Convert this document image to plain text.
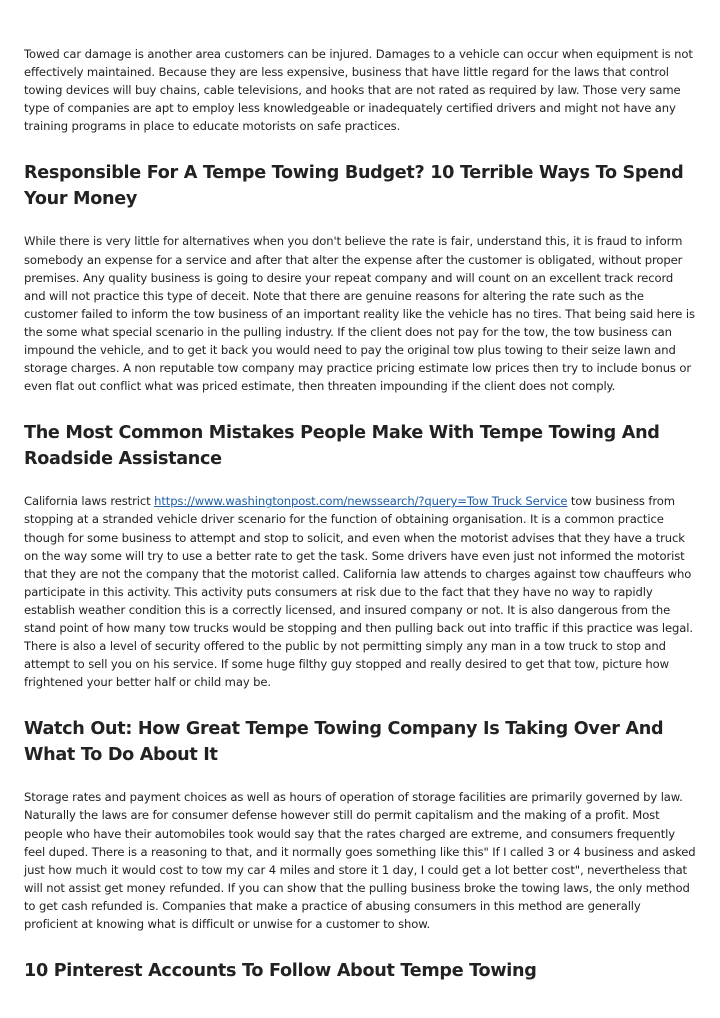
Towed car damage is another area customers can be injured. Damages to a vehicle can occur when equipment is not effectively maintained. Because they are less expensive, business that have little regard for the laws that control towing devices will buy chains, cable televisions, and hooks that are not rated as required by law. Those very same type of companies are apt to employ less knowledgeable or inadequately certified drivers and might not have any training programs in place to educate motorists on safe practices.

Responsible For A Tempe Towing Budget? 10 Terrible Ways To Spend Your Money

While there is very little for alternatives when you don't believe the rate is fair, understand this, it is fraud to inform somebody an expense for a service and after that alter the expense after the customer is obligated, without proper premises. Any quality business is going to desire your repeat company and will count on an excellent track record and will not practice this type of deceit. Note that there are genuine reasons for altering the rate such as the customer failed to inform the tow business of an important reality like the vehicle has no tires. That being said here is the some what special scenario in the pulling industry. If the client does not pay for the tow, the tow business can impound the vehicle, and to get it back you would need to pay the original tow plus towing to their seize lawn and storage charges. A non reputable tow company may practice pricing estimate low prices then try to include bonus or even flat out conflict what was priced estimate, then threaten impounding if the client does not comply.

The Most Common Mistakes People Make With Tempe Towing And Roadside Assistance

California laws restrict https://www.washingtonpost.com/newssearch/?query=Tow Truck Service tow business from stopping at a stranded vehicle driver scenario for the function of obtaining organisation. It is a common practice though for some business to attempt and stop to solicit, and even when the motorist advises that they have a truck on the way some will try to use a better rate to get the task. Some drivers have even just not informed the motorist that they are not the company that the motorist called. California law attends to charges against tow chauffeurs who participate in this activity. This activity puts consumers at risk due to the fact that they have no way to rapidly establish weather condition this is a correctly licensed, and insured company or not. It is also dangerous from the stand point of how many tow trucks would be stopping and then pulling back out into traffic if this practice was legal. There is also a level of security offered to the public by not permitting simply any man in a tow truck to stop and attempt to sell you on his service. If some huge filthy guy stopped and really desired to get that tow, picture how frightened your better half or child may be.

Watch Out: How Great Tempe Towing Company Is Taking Over And What To Do About It

Storage rates and payment choices as well as hours of operation of storage facilities are primarily governed by law. Naturally the laws are for consumer defense however still do permit capitalism and the making of a profit. Most people who have their automobiles took would say that the rates charged are extreme, and consumers frequently feel duped. There is a reasoning to that, and it normally goes something like this" If I called 3 or 4 business and asked just how much it would cost to tow my car 4 miles and store it 1 day, I could get a lot better cost", nevertheless that will not assist get money refunded. If you can show that the pulling business broke the towing laws, the only method to get cash refunded is. Companies that make a practice of abusing consumers in this method are generally proficient at knowing what is difficult or unwise for a customer to show.

10 Pinterest Accounts To Follow About Tempe Towing
